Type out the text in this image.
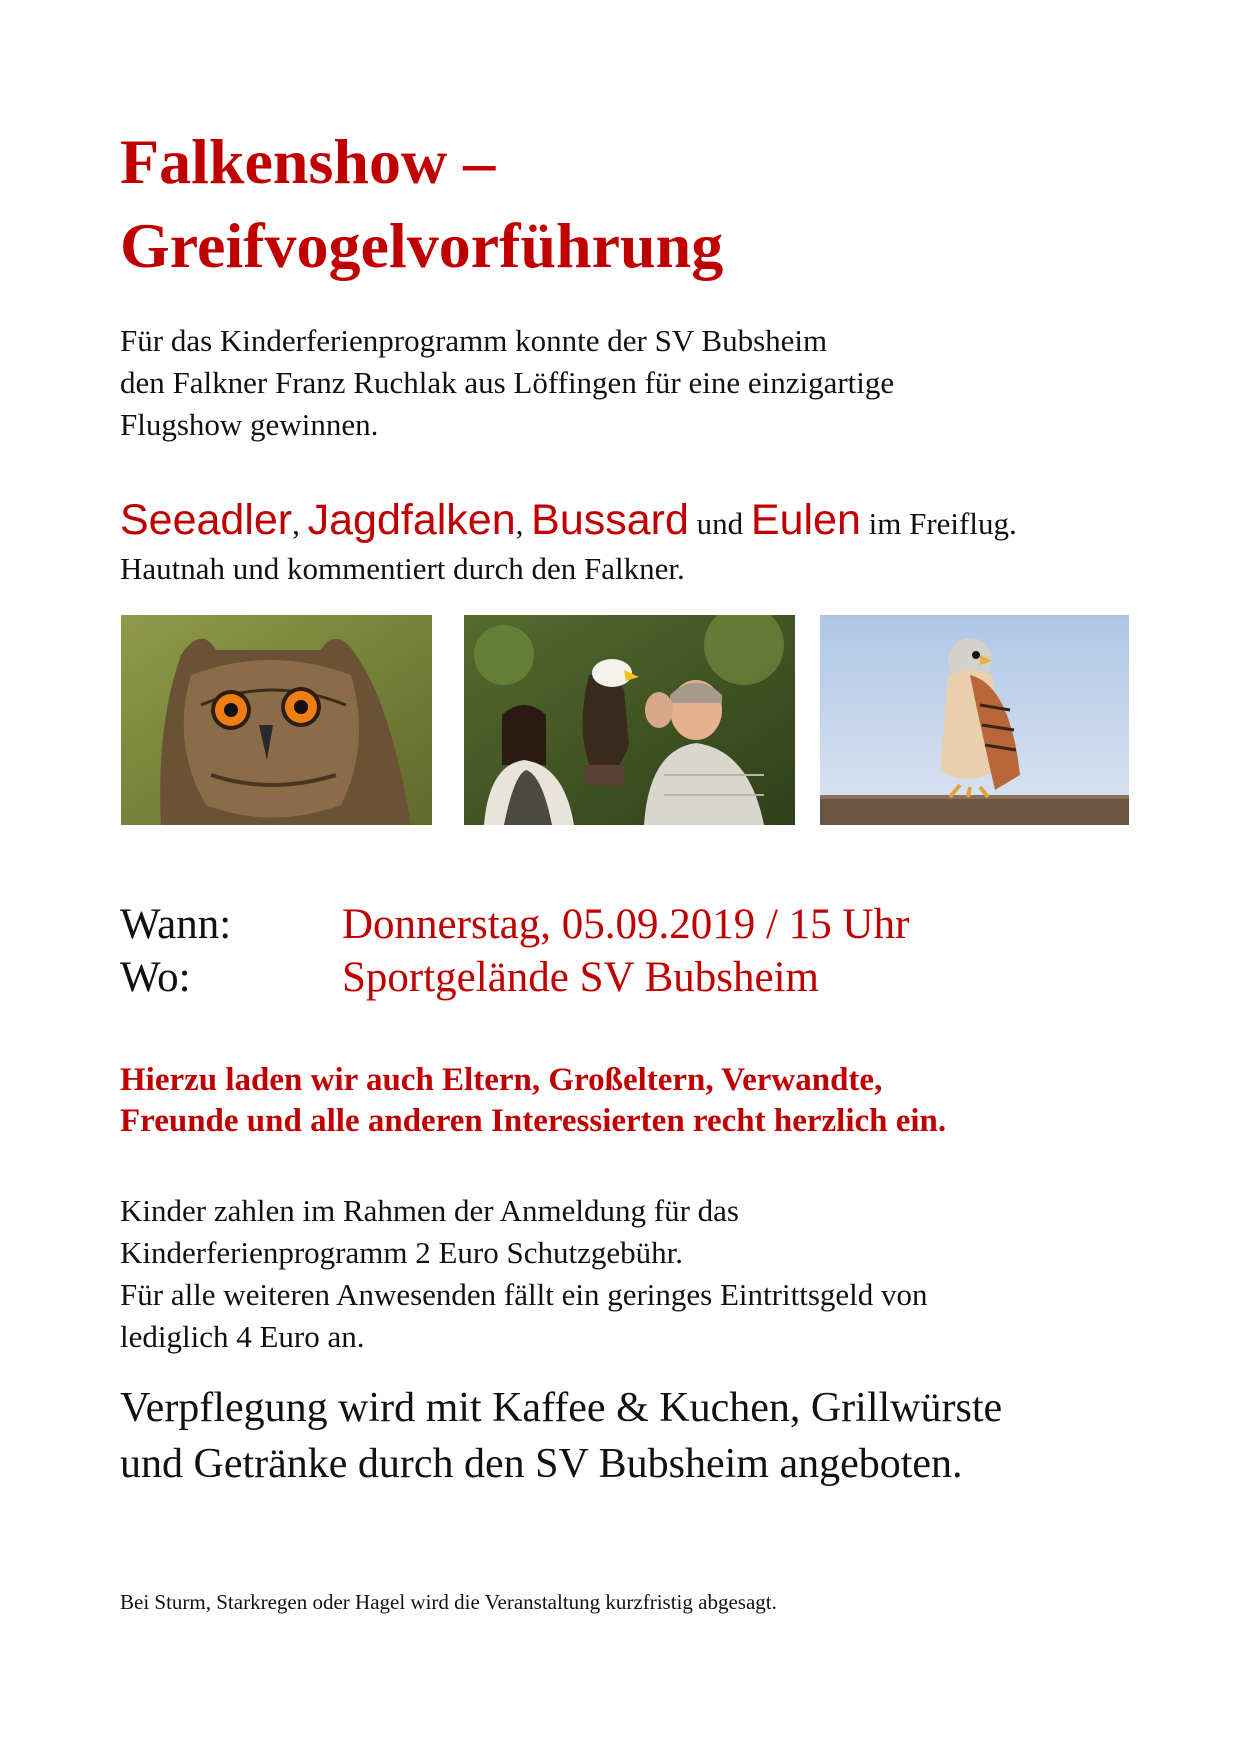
Falkenshow –
Greifvogelvorführung

Für das Kinderferienprogramm konnte der SV Bubsheim
den Falkner Franz Ruchlak aus Löffingen für eine einzigartige
Flugshow gewinnen.

Seeadler, Jagdfalken, Bussard und Eulen im Freiflug.
Hautnah und kommentiert durch den Falkner.
Wann:	Donnerstag, 05.09.2019 / 15 Uhr
Wo:	Sportgelände SV Bubsheim

Hierzu laden wir auch Eltern, Großeltern, Verwandte,
Freunde und alle anderen Interessierten recht herzlich ein.

Kinder zahlen im Rahmen der Anmeldung für das
Kinderferienprogramm 2 Euro Schutzgebühr.
Für alle weiteren Anwesenden fällt ein geringes Eintrittsgeld von
lediglich 4 Euro an.

Verpflegung wird mit Kaffee & Kuchen, Grillwürste
und Getränke durch den SV Bubsheim angeboten.

Bei Sturm, Starkregen oder Hagel wird die Veranstaltung kurzfristig abgesagt.
